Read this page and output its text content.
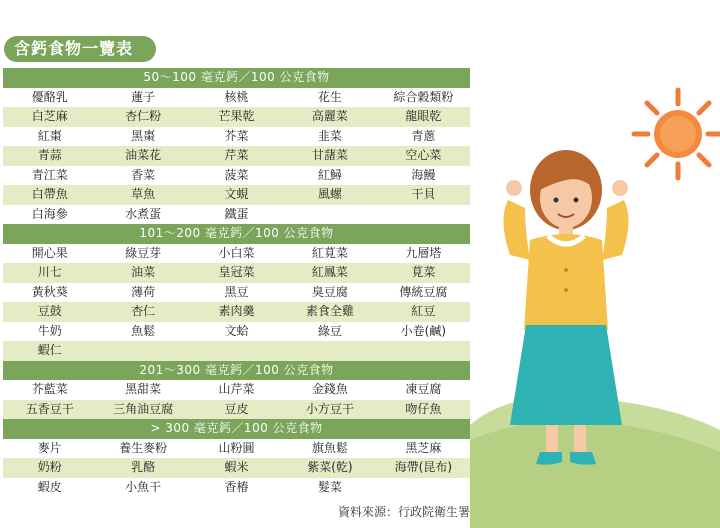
含鈣食物一覽表
50～100 毫克鈣／100 公克食物
優酪乳	蓮子	核桃	花生	綜合穀類粉
白芝麻	杏仁粉	芒果乾	高麗菜	龍眼乾
紅棗	黑棗	芥菜	韭菜	青蔥
青蒜	油菜花	芹菜	甘藷菜	空心菜
青江菜	香菜	菠菜	紅鱘	海鰻
白帶魚	草魚	文蜆	風螺	干貝
白海參	水煮蛋	鐵蛋
101～200 毫克鈣／100 公克食物
開心果	綠豆芽	小白菜	紅莧菜	九層塔
川七	油菜	皇冠菜	紅鳳菜	莧菜
黃秋葵	薄荷	黑豆	臭豆腐	傳統豆腐
豆鼓	杏仁	素肉羹	素食全雞	紅豆
牛奶	魚鬆	文蛤	綠豆	小卷(鹹)
蝦仁
201～300 毫克鈣／100 公克食物
芥藍菜	黑甜菜	山芹菜	金錢魚	凍豆腐
五香豆干	三角油豆腐	豆皮	小方豆干	吻仔魚
> 300 毫克鈣／100 公克食物
麥片	養生麥粉	山粉圓	旗魚鬆	黑芝麻
奶粉	乳酪	蝦米	紫菜(乾)	海帶(昆布)
蝦皮	小魚干	香椿	髮菜
資料來源：行政院衛生署
